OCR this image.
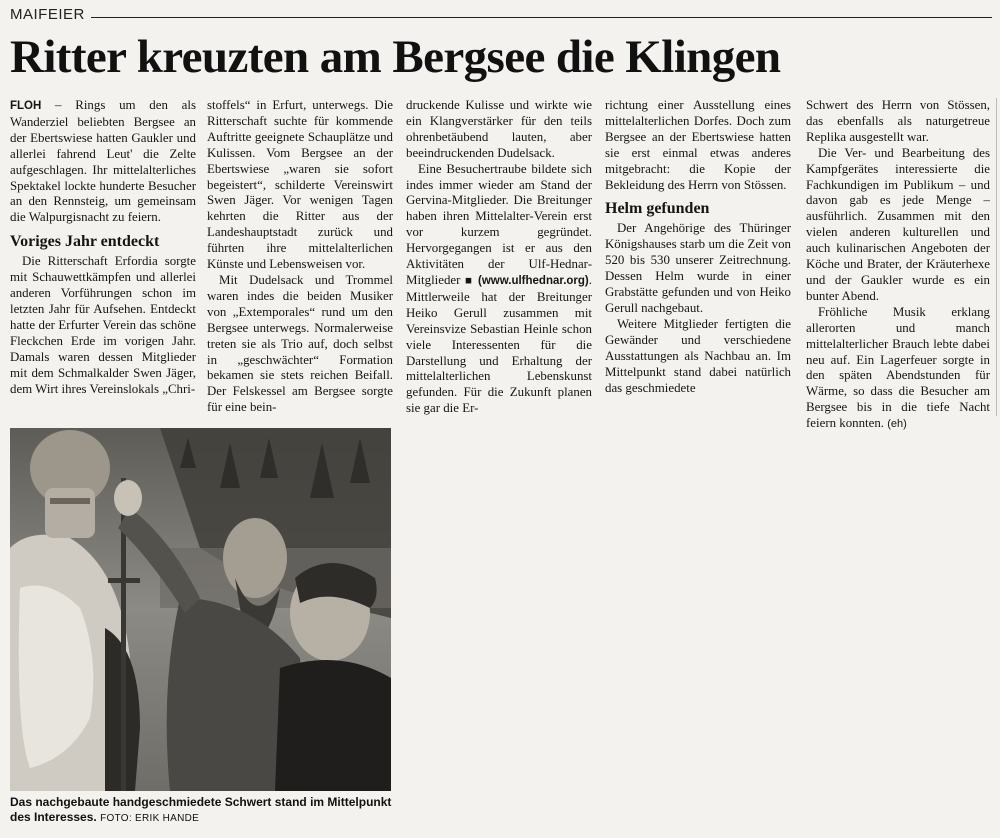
MAIFEIER
Ritter kreuzten am Bergsee die Klingen

FLOH – Rings um den als Wanderziel beliebten Bergsee an der Ebertswiese hatten Gaukler und allerlei fahrend Leut' die Zelte aufgeschlagen. Ihr mittelalterliches Spektakel lockte hunderte Besucher an den Rennsteig, um gemeinsam die Walpurgisnacht zu feiern.

Voriges Jahr entdeckt

Die Ritterschaft Erfordia sorgte mit Schauwettkämpfen und allerlei anderen Vorführungen schon im letzten Jahr für Aufsehen. Entdeckt hatte der Erfurter Verein das schöne Fleckchen Erde im vorigen Jahr. Damals waren dessen Mitglieder mit dem Schmalkalder Swen Jäger, dem Wirt ihres Vereinslokals „Chri-

stoffels“ in Erfurt, unterwegs. Die Ritterschaft suchte für kommende Auftritte geeignete Schauplätze und Kulissen. Vom Bergsee an der Ebertswiese „waren sie sofort begeistert“, schilderte Vereinswirt Swen Jäger. Vor wenigen Tagen kehrten die Ritter aus der Landeshauptstadt zurück und führten ihre mittelalterlichen Künste und Lebensweisen vor.

Mit Dudelsack und Trommel waren indes die beiden Musiker von „Extemporales“ rund um den Bergsee unterwegs. Normalerweise treten sie als Trio auf, doch selbst in „geschwächter“ Formation bekamen sie stets reichen Beifall. Der Felskessel am Bergsee sorgte für eine bein-

druckende Kulisse und wirkte wie ein Klangverstärker für den teils ohrenbetäubend lauten, aber beeindruckenden Dudelsack.

Eine Besuchertraube bildete sich indes immer wieder am Stand der Gervina-Mitglieder. Die Breitunger haben ihren Mittelalter-Verein erst vor kurzem gegründet. Hervorgegangen ist er aus den Aktivitäten der Ulf-Hednar-Mitglieder ■ (www.ulfhednar.org). Mittlerweile hat der Breitunger Heiko Gerull zusammen mit Vereinsvize Sebastian Heinle schon viele Interessenten für die Darstellung und Erhaltung der mittelalterlichen Lebenskunst gefunden. Für die Zukunft planen sie gar die Er-

richtung einer Ausstellung eines mittelalterlichen Dorfes. Doch zum Bergsee an der Ebertswiese hatten sie erst einmal etwas anderes mitgebracht: die Kopie der Bekleidung des Herrn von Stössen.

Helm gefunden

Der Angehörige des Thüringer Königshauses starb um die Zeit von 520 bis 530 unserer Zeitrechnung. Dessen Helm wurde in einer Grabstätte gefunden und von Heiko Gerull nachgebaut.

Weitere Mitglieder fertigten die Gewänder und verschiedene Ausstattungen als Nachbau an. Im Mittelpunkt stand dabei natürlich das geschmiedete

Schwert des Herrn von Stössen, das ebenfalls als naturgetreue Replika ausgestellt war.

Die Ver- und Bearbeitung des Kampfgerätes interessierte die Fachkundigen im Publikum – und davon gab es jede Menge – ausführlich. Zusammen mit den vielen anderen kulturellen und auch kulinarischen Angeboten der Köche und Brater, der Kräuterhexe und der Gaukler wurde es ein bunter Abend.

Fröhliche Musik erklang allerorten und manch mittelalterlicher Brauch lebte dabei neu auf. Ein Lagerfeuer sorgte in den späten Abendstunden für Wärme, so dass die Besucher am Bergsee bis in die tiefe Nacht feiern konnten. (eh)

Das nachgebaute handgeschmiedete Schwert stand im Mittelpunkt des Interesses. FOTO: ERIK HANDE
